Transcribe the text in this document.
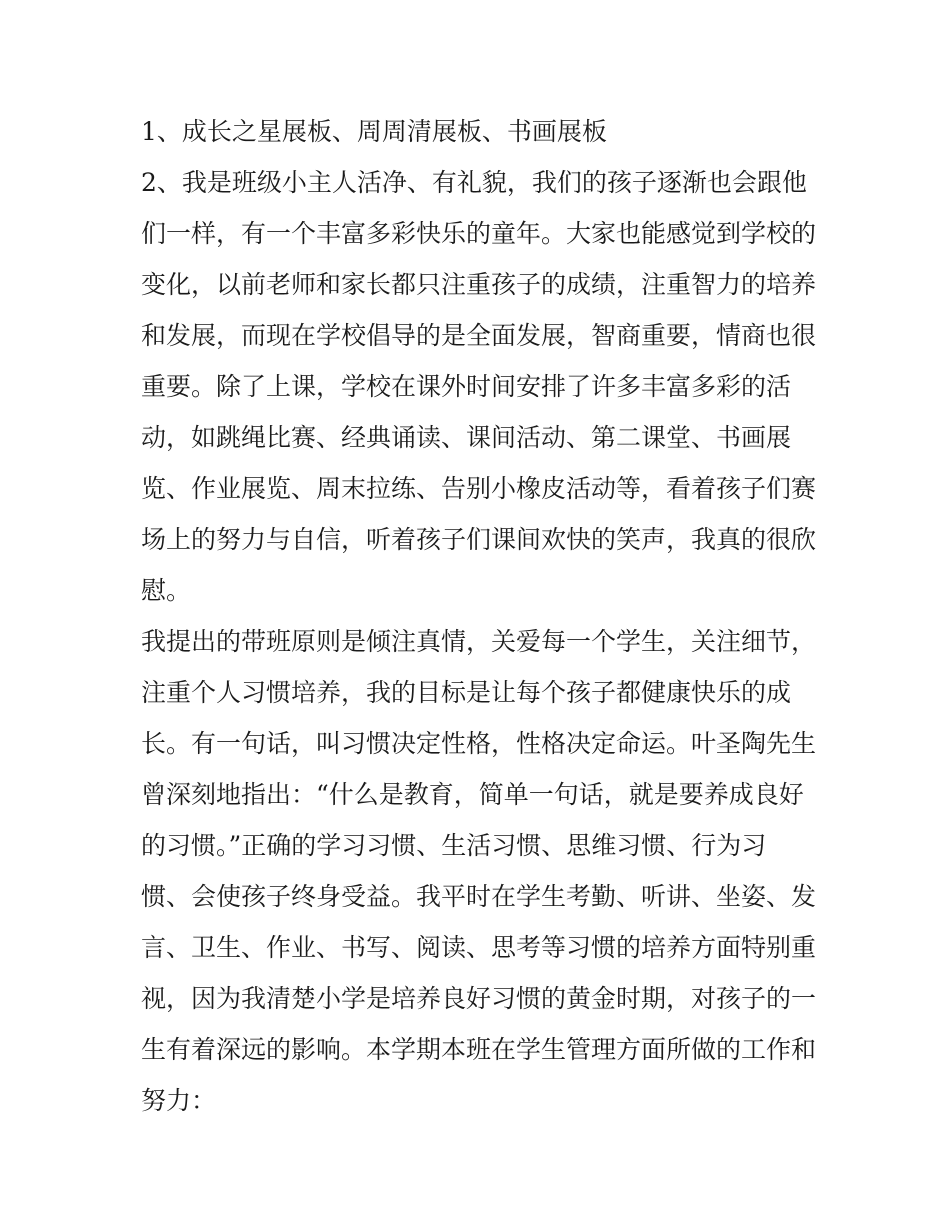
1、成长之星展板、周周清展板、书画展板
2、我是班级小主人活净、有礼貌，我们的孩子逐渐也会跟他
们一样，有一个丰富多彩快乐的童年。大家也能感觉到学校的
变化，以前老师和家长都只注重孩子的成绩，注重智力的培养
和发展，而现在学校倡导的是全面发展，智商重要，情商也很
重要。除了上课，学校在课外时间安排了许多丰富多彩的活
动，如跳绳比赛、经典诵读、课间活动、第二课堂、书画展
览、作业展览、周末拉练、告别小橡皮活动等，看着孩子们赛
场上的努力与自信，听着孩子们课间欢快的笑声，我真的很欣
慰。
我提出的带班原则是倾注真情，关爱每一个学生，关注细节，
注重个人习惯培养，我的目标是让每个孩子都健康快乐的成
长。有一句话，叫习惯决定性格，性格决定命运。叶圣陶先生
曾深刻地指出：“什么是教育，简单一句话，就是要养成良好
的习惯。”正确的学习习惯、生活习惯、思维习惯、行为习
惯、会使孩子终身受益。我平时在学生考勤、听讲、坐姿、发
言、卫生、作业、书写、阅读、思考等习惯的培养方面特别重
视，因为我清楚小学是培养良好习惯的黄金时期，对孩子的一
生有着深远的影响。本学期本班在学生管理方面所做的工作和
努力：
